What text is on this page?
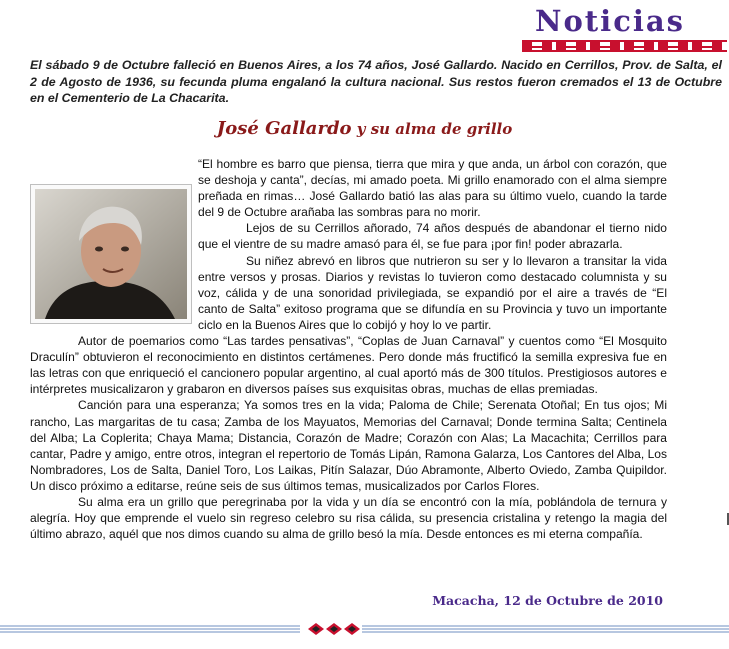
Noticias
El sábado 9 de Octubre falleció en Buenos Aires, a los 74 años, José Gallardo. Nacido en Cerrillos, Prov. de Salta, el 2 de Agosto de 1936, su fecunda pluma engalanó la cultura nacional. Sus restos fueron cremados el 13 de Octubre en el Cementerio de La Chacarita.
José Gallardo y su alma de grillo

“El hombre es barro que piensa, tierra que mira y que anda, un árbol con corazón, que se deshoja y canta”, decías, mi amado poeta. Mi grillo enamorado con el alma siempre preñada en rimas… José Gallardo batió las alas para su último vuelo, cuando la tarde del 9 de Octubre arañaba las sombras para no morir.

Lejos de su Cerrillos añorado, 74 años después de abandonar el tierno nido que el vientre de su madre amasó para él, se fue para ¡por fin! poder abrazarla.

Su niñez abrevó en libros que nutrieron su ser y lo llevaron a transitar la vida entre versos y prosas. Diarios y revistas lo tuvieron como destacado columnista y su voz, cálida y de una sonoridad privilegiada, se expandió por el aire a través de “El canto de Salta” exitoso programa que se difundía en su Provincia y tuvo un importante ciclo en la Buenos Aires que lo cobijó y hoy lo ve partir.

Autor de poemarios como “Las tardes pensativas”, “Coplas de Juan Carnaval” y cuentos como “El Mosquito Draculín” obtuvieron el reconocimiento en distintos certámenes. Pero donde más fructificó la semilla expresiva fue en las letras con que enriqueció el cancionero popular argentino, al cual aportó más de 300 títulos. Prestigiosos autores e intérpretes musicalizaron y grabaron en diversos países sus exquisitas obras, muchas de ellas premiadas.

Canción para una esperanza; Ya somos tres en la vida; Paloma de Chile; Serenata Otoñal; En tus ojos; Mi rancho, Las margaritas de tu casa; Zamba de los Mayuatos, Memorias del Carnaval; Donde termina Salta; Centinela del Alba; La Coplerita; Chaya Mama; Distancia, Corazón de Madre; Corazón con Alas; La Macachita; Cerrillos para cantar, Padre y amigo, entre otros, integran el repertorio de Tomás Lipán, Ramona Galarza, Los Cantores del Alba, Los Nombradores, Los de Salta, Daniel Toro, Los Laikas, Pitín Salazar, Dúo Abramonte, Alberto Oviedo, Zamba Quipildor. Un disco próximo a editarse, reúne seis de sus últimos temas, musicalizados por Carlos Flores.

Su alma era un grillo que peregrinaba por la vida y un día se encontró con la mía, poblándola de ternura y alegría. Hoy que emprende el vuelo sin regreso celebro su risa cálida, su presencia cristalina y retengo la magia del último abrazo, aquél que nos dimos cuando su alma de grillo besó la mía. Desde entonces es mi eterna compañía.

Macacha, 12 de Octubre de 2010
